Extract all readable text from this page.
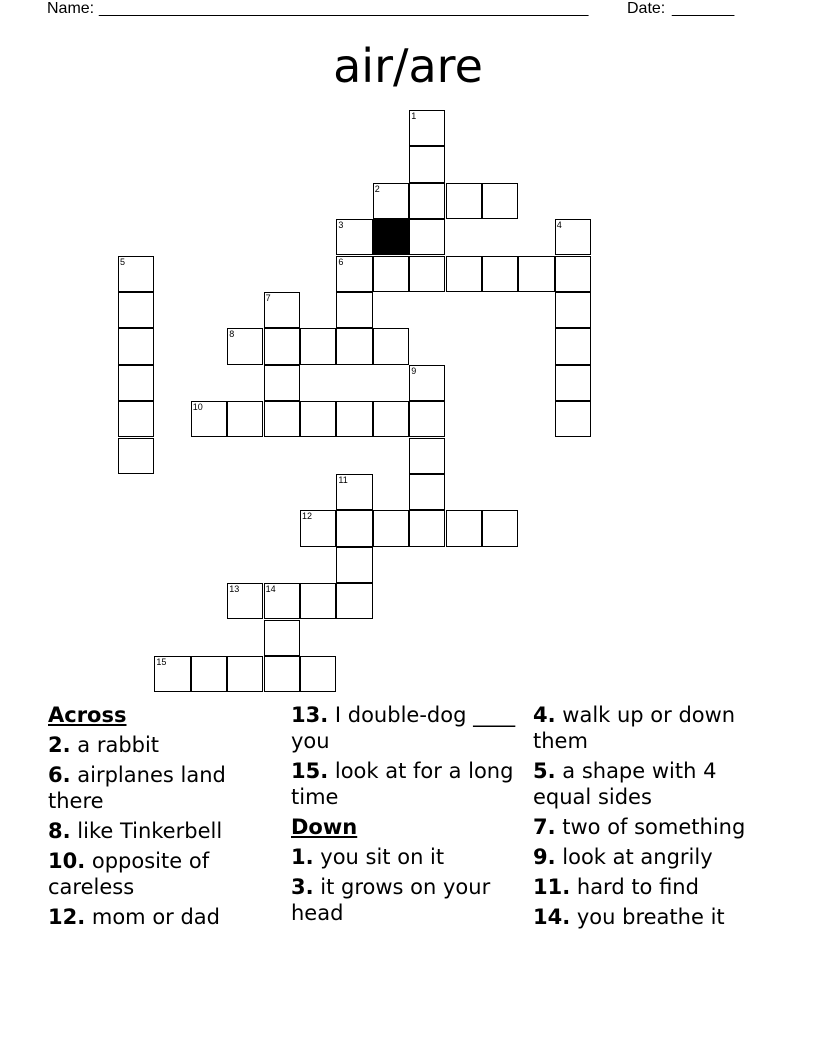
Name: _______________________________________________________ Date: _______
air/are
1
2
3	4
5	6
7
8
9
10
11
12
13	14
15
Across
2. a rabbit
6. airplanes land there
8. like Tinkerbell
10. opposite of careless
12. mom or dad
13. I double-dog ____ you
15. look at for a long time
Down
1. you sit on it
3. it grows on your head
4. walk up or down them
5. a shape with 4 equal sides
7. two of something
9. look at angrily
11. hard to find
14. you breathe it
